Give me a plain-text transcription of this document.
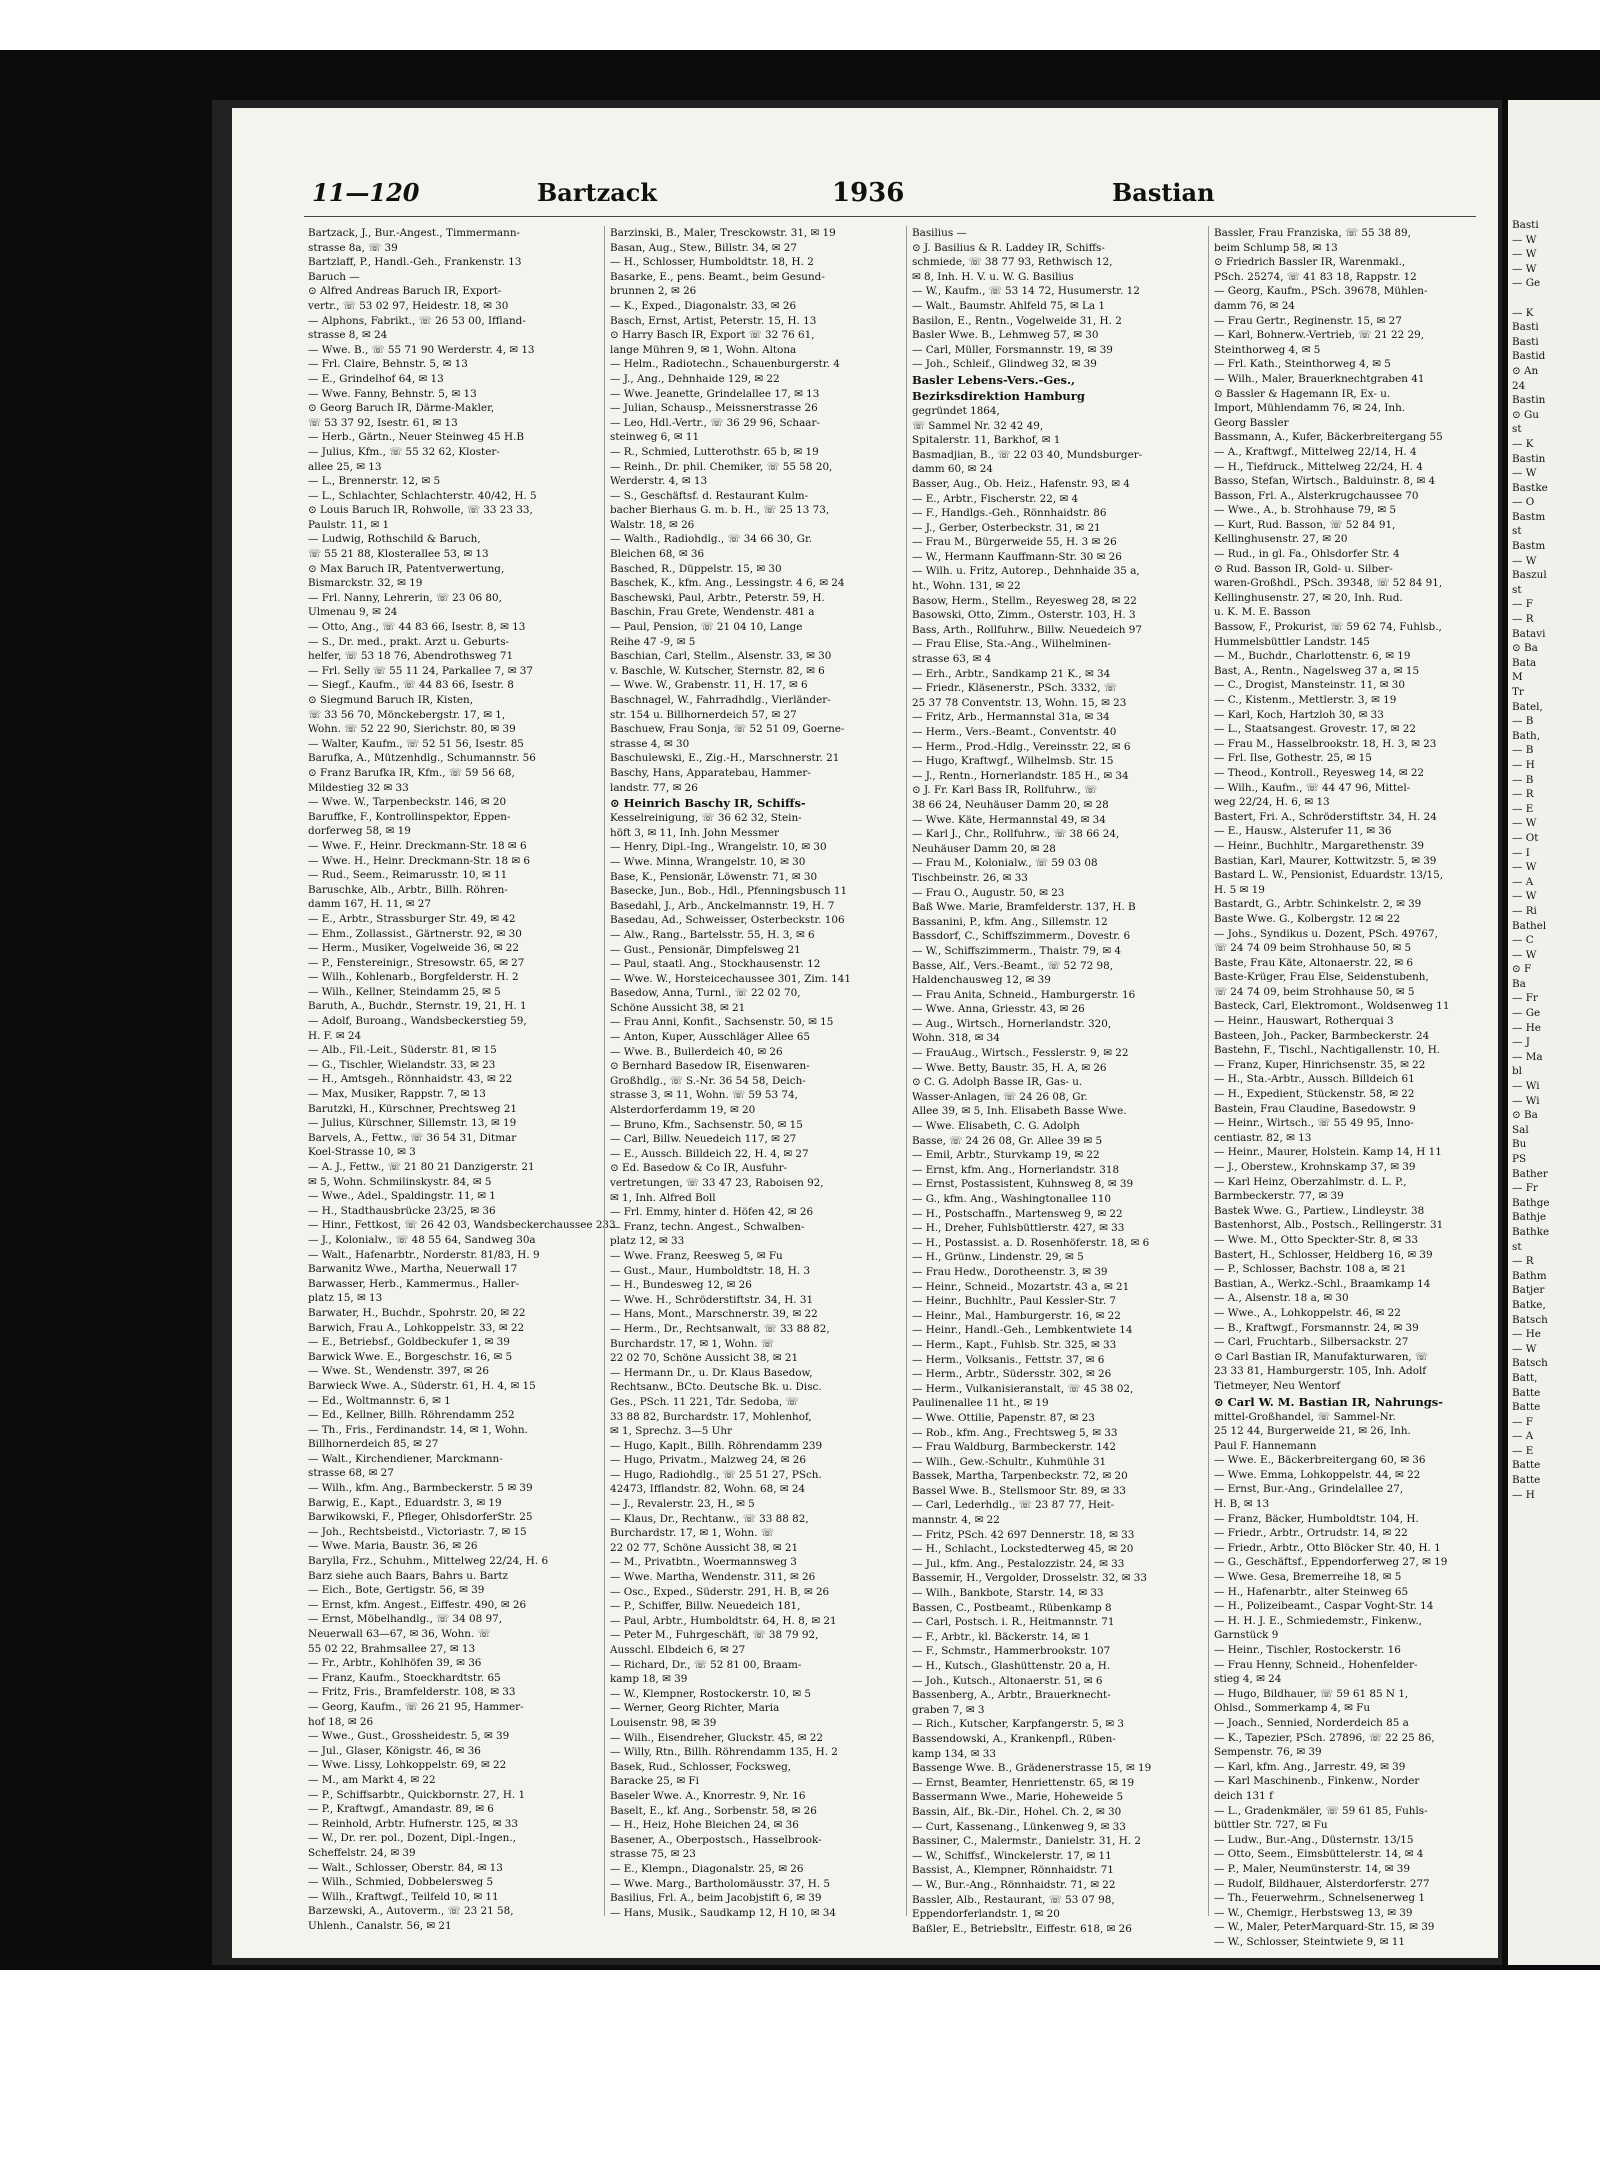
11—120	Bartzack	1936	Bastian
Bartzack, J., Bur.-Angest., Timmermann-
strasse 8a, ☏ 39
Bartzlaff, P., Handl.-Geh., Frankenstr. 13
Baruch —
⊙ Alfred Andreas Baruch IR, Export-
vertr., ☏ 53 02 97, Heidestr. 18, ✉ 30
— Alphons, Fabrikt., ☏ 26 53 00, Iffland-
strasse 8, ✉ 24
— Wwe. B., ☏ 55 71 90 Werderstr. 4, ✉ 13
— Frl. Claire, Behnstr. 5, ✉ 13
— E., Grindelhof 64, ✉ 13
— Wwe. Fanny, Behnstr. 5, ✉ 13
⊙ Georg Baruch IR, Därme-Makler,
☏ 53 37 92, Isestr. 61, ✉ 13
— Herb., Gärtn., Neuer Steinweg 45 H.B
— Julius, Kfm., ☏ 55 32 62, Kloster-
allee 25, ✉ 13
— L., Brennerstr. 12, ✉ 5
— L., Schlachter, Schlachterstr. 40/42, H. 5
⊙ Louis Baruch IR, Rohwolle, ☏ 33 23 33,
Paulstr. 11, ✉ 1
— Ludwig, Rothschild & Baruch,
☏ 55 21 88, Klosterallee 53, ✉ 13
⊙ Max Baruch IR, Patentverwertung,
Bismarckstr. 32, ✉ 19
— Frl. Nanny, Lehrerin, ☏ 23 06 80,
Ulmenau 9, ✉ 24
— Otto, Ang., ☏ 44 83 66, Isestr. 8, ✉ 13
— S., Dr. med., prakt. Arzt u. Geburts-
helfer, ☏ 53 18 76, Abendrothsweg 71
— Frl. Selly ☏ 55 11 24, Parkallee 7, ✉ 37
— Siegf., Kaufm., ☏ 44 83 66, Isestr. 8
⊙ Siegmund Baruch IR, Kisten,
☏ 33 56 70, Mönckebergstr. 17, ✉ 1,
Wohn. ☏ 52 22 90, Sierichstr. 80, ✉ 39
— Walter, Kaufm., ☏ 52 51 56, Isestr. 85
Barufka, A., Mützenhdlg., Schumannstr. 56
⊙ Franz Barufka IR, Kfm., ☏ 59 56 68,
Mildestieg 32 ✉ 33
— Wwe. W., Tarpenbeckstr. 146, ✉ 20
Baruffke, F., Kontrollinspektor, Eppen-
dorferweg 58, ✉ 19
— Wwe. F., Heinr. Dreckmann-Str. 18 ✉ 6
— Wwe. H., Heinr. Dreckmann-Str. 18 ✉ 6
— Rud., Seem., Reimarusstr. 10, ✉ 11
Baruschke, Alb., Arbtr., Billh. Röhren-
damm 167, H. 11, ✉ 27
— E., Arbtr., Strassburger Str. 49, ✉ 42
— Ehm., Zollassist., Gärtnerstr. 92, ✉ 30
— Herm., Musiker, Vogelweide 36, ✉ 22
— P., Fenstereinigr., Stresowstr. 65, ✉ 27
— Wilh., Kohlenarb., Borgfelderstr. H. 2
— Wilh., Kellner, Steindamm 25, ✉ 5
Baruth, A., Buchdr., Sternstr. 19, 21, H. 1
— Adolf, Buroang., Wandsbeckerstieg 59,
H. F. ✉ 24
— Alb., Fil.-Leit., Süderstr. 81, ✉ 15
— G., Tischler, Wielandstr. 33, ✉ 23
— H., Amtsgeh., Rönnhaidstr. 43, ✉ 22
— Max, Musiker, Rappstr. 7, ✉ 13
Barutzki, H., Kürschner, Prechtsweg 21
— Julius, Kürschner, Sillemstr. 13, ✉ 19
Barvels, A., Fettw., ☏ 36 54 31, Ditmar
Koel-Strasse 10, ✉ 3
— A. J., Fettw., ☏ 21 80 21 Danzigerstr. 21
✉ 5, Wohn. Schmilinskystr. 84, ✉ 5
— Wwe., Adel., Spaldingstr. 11, ✉ 1
— H., Stadthausbrücke 23/25, ✉ 36
— Hinr., Fettkost, ☏ 26 42 03, Wandsbeckerchaussee 233
— J., Kolonialw., ☏ 48 55 64, Sandweg 30a
— Walt., Hafenarbtr., Norderstr. 81/83, H. 9
Barwanitz Wwe., Martha, Neuerwall 17
Barwasser, Herb., Kammermus., Haller-
platz 15, ✉ 13
Barwater, H., Buchdr., Spohrstr. 20, ✉ 22
Barwich, Frau A., Lohkoppelstr. 33, ✉ 22
— E., Betriebsf., Goldbeckufer 1, ✉ 39
Barwick Wwe. E., Borgeschstr. 16, ✉ 5
— Wwe. St., Wendenstr. 397, ✉ 26
Barwieck Wwe. A., Süderstr. 61, H. 4, ✉ 15
— Ed., Woltmannstr. 6, ✉ 1
— Ed., Kellner, Billh. Röhrendamm 252
— Th., Fris., Ferdinandstr. 14, ✉ 1, Wohn.
Billhornerdeich 85, ✉ 27
— Walt., Kirchendiener, Marckmann-
strasse 68, ✉ 27
— Wilh., kfm. Ang., Barmbeckerstr. 5 ✉ 39
Barwig, E., Kapt., Eduardstr. 3, ✉ 19
Barwikowski, F., Pfleger, OhlsdorferStr. 25
— Joh., Rechtsbeistd., Victoriastr. 7, ✉ 15
— Wwe. Maria, Baustr. 36, ✉ 26
Barylla, Frz., Schuhm., Mittelweg 22/24, H. 6
Barz siehe auch Baars, Bahrs u. Bartz
— Eich., Bote, Gertigstr. 56, ✉ 39
— Ernst, kfm. Angest., Eiffestr. 490, ✉ 26
— Ernst, Möbelhandlg., ☏ 34 08 97,
Neuerwall 63—67, ✉ 36, Wohn. ☏
55 02 22, Brahmsallee 27, ✉ 13
— Fr., Arbtr., Kohlhöfen 39, ✉ 36
— Franz, Kaufm., Stoeckhardtstr. 65
— Fritz, Fris., Bramfelderstr. 108, ✉ 33
— Georg, Kaufm., ☏ 26 21 95, Hammer-
hof 18, ✉ 26
— Wwe., Gust., Grossheidestr. 5, ✉ 39
— Jul., Glaser, Königstr. 46, ✉ 36
— Wwe. Lissy, Lohkoppelstr. 69, ✉ 22
— M., am Markt 4, ✉ 22
— P., Schiffsarbtr., Quickbornstr. 27, H. 1
— P., Kraftwgf., Amandastr. 89, ✉ 6
— Reinhold, Arbtr. Hufnerstr. 125, ✉ 33
— W., Dr. rer. pol., Dozent, Dipl.-Ingen.,
Scheffelstr. 24, ✉ 39
— Walt., Schlosser, Oberstr. 84, ✉ 13
— Wilh., Schmied, Dobbelersweg 5
— Wilh., Kraftwgf., Teilfeld 10, ✉ 11
Barzewski, A., Autoverm., ☏ 23 21 58,
Uhlenh., Canalstr. 56, ✉ 21
Barzinski, B., Maler, Tresckowstr. 31, ✉ 19
Basan, Aug., Stew., Billstr. 34, ✉ 27
— H., Schlosser, Humboldtstr. 18, H. 2
Basarke, E., pens. Beamt., beim Gesund-
brunnen 2, ✉ 26
— K., Exped., Diagonalstr. 33, ✉ 26
Basch, Ernst, Artist, Peterstr. 15, H. 13
⊙ Harry Basch IR, Export ☏ 32 76 61,
lange Mühren 9, ✉ 1, Wohn. Altona
— Helm., Radiotechn., Schauenburgerstr. 4
— J., Ang., Dehnhaide 129, ✉ 22
— Wwe. Jeanette, Grindelallee 17, ✉ 13
— Julian, Schausp., Meissnerstrasse 26
— Leo, Hdl.-Vertr., ☏ 36 29 96, Schaar-
steinweg 6, ✉ 11
— R., Schmied, Lutterothstr. 65 b, ✉ 19
— Reinh., Dr. phil. Chemiker, ☏ 55 58 20,
Werderstr. 4, ✉ 13
— S., Geschäftsf. d. Restaurant Kulm-
bacher Bierhaus G. m. b. H., ☏ 25 13 73,
Walstr. 18, ✉ 26
— Walth., Radiohdlg., ☏ 34 66 30, Gr.
Bleichen 68, ✉ 36
Basched, R., Düppelstr. 15, ✉ 30
Baschek, K., kfm. Ang., Lessingstr. 4 6, ✉ 24
Baschewski, Paul, Arbtr., Peterstr. 59, H.
Baschin, Frau Grete, Wendenstr. 481 a
— Paul, Pension, ☏ 21 04 10, Lange
Reihe 47 -9, ✉ 5
Baschian, Carl, Stellm., Alsenstr. 33, ✉ 30
v. Baschle, W. Kutscher, Sternstr. 82, ✉ 6
— Wwe. W., Grabenstr. 11, H. 17, ✉ 6
Baschnagel, W., Fahrradhdlg., Vierländer-
str. 154 u. Billhornerdeich 57, ✉ 27
Baschuew, Frau Sonja, ☏ 52 51 09, Goerne-
strasse 4, ✉ 30
Baschulewski, E., Zig.-H., Marschnerstr. 21
Baschy, Hans, Apparatebau, Hammer-
landstr. 77, ✉ 26
⊙ Heinrich Baschy IR, Schiffs-
Kesselreinigung, ☏ 36 62 32, Stein-
höft 3, ✉ 11, Inh. John Messmer
— Henry, Dipl.-Ing., Wrangelstr. 10, ✉ 30
— Wwe. Minna, Wrangelstr. 10, ✉ 30
Base, K., Pensionär, Löwenstr. 71, ✉ 30
Basecke, Jun., Bob., Hdl., Pfenningsbusch 11
Basedahl, J., Arb., Anckelmannstr. 19, H. 7
Basedau, Ad., Schweisser, Osterbeckstr. 106
— Alw., Rang., Bartelsstr. 55, H. 3, ✉ 6
— Gust., Pensionär, Dimpfelsweg 21
— Paul, staatl. Ang., Stockhausenstr. 12
— Wwe. W., Horsteicechaussee 301, Zim. 141
Basedow, Anna, Turnl., ☏ 22 02 70,
Schöne Aussicht 38, ✉ 21
— Frau Anni, Konfit., Sachsenstr. 50, ✉ 15
— Anton, Kuper, Ausschläger Allee 65
— Wwe. B., Bullerdeich 40, ✉ 26
⊙ Bernhard Basedow IR, Eisenwaren-
Großhdlg., ☏ S.-Nr. 36 54 58, Deich-
strasse 3, ✉ 11, Wohn. ☏ 59 53 74,
Alsterdorferdamm 19, ✉ 20
— Bruno, Kfm., Sachsenstr. 50, ✉ 15
— Carl, Billw. Neuedeich 117, ✉ 27
— E., Aussch. Billdeich 22, H. 4, ✉ 27
⊙ Ed. Basedow & Co IR, Ausfuhr-
vertretungen, ☏ 33 47 23, Raboisen 92,
✉ 1, Inh. Alfred Boll
— Frl. Emmy, hinter d. Höfen 42, ✉ 26
— Franz, techn. Angest., Schwalben-
platz 12, ✉ 33
— Wwe. Franz, Reesweg 5, ✉ Fu
— Gust., Maur., Humboldtstr. 18, H. 3
— H., Bundesweg 12, ✉ 26
— Wwe. H., Schröderstiftstr. 34, H. 31
— Hans, Mont., Marschnerstr. 39, ✉ 22
— Herm., Dr., Rechtsanwalt, ☏ 33 88 82,
Burchardstr. 17, ✉ 1, Wohn. ☏
22 02 70, Schöne Aussicht 38, ✉ 21
— Hermann Dr., u. Dr. Klaus Basedow,
Rechtsanw., BCto. Deutsche Bk. u. Disc.
Ges., PSch. 11 221, Tdr. Sedoba, ☏
33 88 82, Burchardstr. 17, Mohlenhof,
✉ 1, Sprechz. 3—5 Uhr
— Hugo, Kaplt., Billh. Röhrendamm 239
— Hugo, Privatm., Malzweg 24, ✉ 26
— Hugo, Radiohdlg., ☏ 25 51 27, PSch.
42473, Ifflandstr. 82, Wohn. 68, ✉ 24
— J., Revalerstr. 23, H., ✉ 5
— Klaus, Dr., Rechtanw., ☏ 33 88 82,
Burchardstr. 17, ✉ 1, Wohn. ☏
22 02 77, Schöne Aussicht 38, ✉ 21
— M., Privatbtn., Woermannsweg 3
— Wwe. Martha, Wendenstr. 311, ✉ 26
— Osc., Exped., Süderstr. 291, H. B, ✉ 26
— P., Schiffer, Billw. Neuedeich 181,
— Paul, Arbtr., Humboldtstr. 64, H. 8, ✉ 21
— Peter M., Fuhrgeschäft, ☏ 38 79 92,
Ausschl. Elbdeich 6, ✉ 27
— Richard, Dr., ☏ 52 81 00, Braam-
kamp 18, ✉ 39
— W., Klempner, Rostockerstr. 10, ✉ 5
— Werner, Georg Richter, Maria
Louisenstr. 98, ✉ 39
— Wilh., Eisendreher, Gluckstr. 45, ✉ 22
— Willy, Rtn., Billh. Röhrendamm 135, H. 2
Basek, Rud., Schlosser, Focksweg,
Baracke 25, ✉ Fi
Baseler Wwe. A., Knorrestr. 9, Nr. 16
Baselt, E., kf. Ang., Sorbenstr. 58, ✉ 26
— H., Heiz, Hohe Bleichen 24, ✉ 36
Basener, A., Oberpostsch., Hasselbrook-
strasse 75, ✉ 23
— E., Klempn., Diagonalstr. 25, ✉ 26
— Wwe. Marg., Bartholomäusstr. 37, H. 5
Basilius, Frl. A., beim Jacobjstift 6, ✉ 39
— Hans, Musik., Saudkamp 12, H 10, ✉ 34
Basilius —
⊙ J. Basilius & R. Laddey IR, Schiffs-
schmiede, ☏ 38 77 93, Rethwisch 12,
✉ 8, Inh. H. V. u. W. G. Basilius
— W., Kaufm., ☏ 53 14 72, Husumerstr. 12
— Walt., Baumstr. Ahlfeld 75, ✉ La 1
Basilon, E., Rentn., Vogelweide 31, H. 2
Basler Wwe. B., Lehmweg 57, ✉ 30
— Carl, Müller, Forsmannstr. 19, ✉ 39
— Joh., Schleif., Glindweg 32, ✉ 39
Basler Lebens-Vers.-Ges.,
Bezirksdirektion Hamburg
gegründet 1864,
☏ Sammel Nr. 32 42 49,
Spitalerstr. 11, Barkhof, ✉ 1
Basmadjian, B., ☏ 22 03 40, Mundsburger-
damm 60, ✉ 24
Basser, Aug., Ob. Heiz., Hafenstr. 93, ✉ 4
— E., Arbtr., Fischerstr. 22, ✉ 4
— F., Handlgs.-Geh., Rönnhaidstr. 86
— J., Gerber, Osterbeckstr. 31, ✉ 21
— Frau M., Bürgerweide 55, H. 3 ✉ 26
— W., Hermann Kauffmann-Str. 30 ✉ 26
— Wilh. u. Fritz, Autorep., Dehnhaide 35 a,
ht., Wohn. 131, ✉ 22
Basow, Herm., Stellm., Reyesweg 28, ✉ 22
Basowski, Otto, Zimm., Osterstr. 103, H. 3
Bass, Arth., Rollfuhrw., Billw. Neuedeich 97
— Frau Elise, Sta.-Ang., Wilhelminen-
strasse 63, ✉ 4
— Erh., Arbtr., Sandkamp 21 K., ✉ 34
— Friedr., Kläsenerstr., PSch. 3332, ☏
25 37 78 Conventstr. 13, Wohn. 15, ✉ 23
— Fritz, Arb., Hermannstal 31a, ✉ 34
— Herm., Vers.-Beamt., Conventstr. 40
— Herm., Prod.-Hdlg., Vereinsstr. 22, ✉ 6
— Hugo, Kraftwgf., Wilhelmsb. Str. 15
— J., Rentn., Hornerlandstr. 185 H., ✉ 34
⊙ J. Fr. Karl Bass IR, Rollfuhrw., ☏
38 66 24, Neuhäuser Damm 20, ✉ 28
— Wwe. Käte, Hermannstal 49, ✉ 34
— Karl J., Chr., Rollfuhrw., ☏ 38 66 24,
Neuhäuser Damm 20, ✉ 28
— Frau M., Kolonialw., ☏ 59 03 08
Tischbeinstr. 26, ✉ 33
— Frau O., Augustr. 50, ✉ 23
Baß Wwe. Marie, Bramfelderstr. 137, H. B
Bassanini, P., kfm. Ang., Sillemstr. 12
Bassdorf, C., Schiffszimmerm., Dovestr. 6
— W., Schiffszimmerm., Thaistr. 79, ✉ 4
Basse, Alf., Vers.-Beamt., ☏ 52 72 98,
Haldenchausweg 12, ✉ 39
— Frau Anita, Schneid., Hamburgerstr. 16
— Wwe. Anna, Griesstr. 43, ✉ 26
— Aug., Wirtsch., Hornerlandstr. 320,
Wohn. 318, ✉ 34
— FrauAug., Wirtsch., Fesslerstr. 9, ✉ 22
— Wwe. Betty, Baustr. 35, H. A, ✉ 26
⊙ C. G. Adolph Basse IR, Gas- u.
Wasser-Anlagen, ☏ 24 26 08, Gr.
Allee 39, ✉ 5, Inh. Elisabeth Basse Wwe.
— Wwe. Elisabeth, C. G. Adolph
Basse, ☏ 24 26 08, Gr. Allee 39 ✉ 5
— Emil, Arbtr., Sturvkamp 19, ✉ 22
— Ernst, kfm. Ang., Hornerlandstr. 318
— Ernst, Postassistent, Kuhnsweg 8, ✉ 39
— G., kfm. Ang., Washingtonallee 110
— H., Postschaffn., Martensweg 9, ✉ 22
— H., Dreher, Fuhlsbüttlerstr. 427, ✉ 33
— H., Postassist. a. D. Rosenhöferstr. 18, ✉ 6
— H., Grünw., Lindenstr. 29, ✉ 5
— Frau Hedw., Dorotheenstr. 3, ✉ 39
— Heinr., Schneid., Mozartstr. 43 a, ✉ 21
— Heinr., Buchhltr., Paul Kessler-Str. 7
— Heinr., Mal., Hamburgerstr. 16, ✉ 22
— Heinr., Handl.-Geh., Lembkentwiete 14
— Herm., Kapt., Fuhlsb. Str. 325, ✉ 33
— Herm., Volksanis., Fettstr. 37, ✉ 6
— Herm., Arbtr., Südersstr. 302, ✉ 26
— Herm., Vulkanisieranstalt, ☏ 45 38 02,
Paulinenallee 11 ht., ✉ 19
— Wwe. Ottilie, Papenstr. 87, ✉ 23
— Rob., kfm. Ang., Frechtsweg 5, ✉ 33
— Frau Waldburg, Barmbeckerstr. 142
— Wilh., Gew.-Schultr., Kuhmühle 31
Bassek, Martha, Tarpenbeckstr. 72, ✉ 20
Bassel Wwe. B., Stellsmoor Str. 89, ✉ 33
— Carl, Lederhdlg., ☏ 23 87 77, Heit-
mannstr. 4, ✉ 22
— Fritz, PSch. 42 697 Dennerstr. 18, ✉ 33
— H., Schlacht., Lockstedterweg 45, ✉ 20
— Jul., kfm. Ang., Pestalozzistr. 24, ✉ 33
Bassemir, H., Vergolder, Drosselstr. 32, ✉ 33
— Wilh., Bankbote, Starstr. 14, ✉ 33
Bassen, C., Postbeamt., Rübenkamp 8
— Carl, Postsch. i. R., Heitmannstr. 71
— F., Arbtr., kl. Bäckerstr. 14, ✉ 1
— F., Schmstr., Hammerbrookstr. 107
— H., Kutsch., Glashüttenstr. 20 a, H.
— Joh., Kutsch., Altonaerstr. 51, ✉ 6
Bassenberg, A., Arbtr., Brauerknecht-
graben 7, ✉ 3
— Rich., Kutscher, Karpfangerstr. 5, ✉ 3
Bassendowski, A., Krankenpfl., Rüben-
kamp 134, ✉ 33
Bassenge Wwe. B., Grädenerstrasse 15, ✉ 19
— Ernst, Beamter, Henriettenstr. 65, ✉ 19
Bassermann Wwe., Marie, Hoheweide 5
Bassin, Alf., Bk.-Dir., Hohel. Ch. 2, ✉ 30
— Curt, Kassenang., Lünkenweg 9, ✉ 33
Bassiner, C., Malermstr., Danielstr. 31, H. 2
— W., Schiffsf., Winckelerstr. 17, ✉ 11
Bassist, A., Klempner, Rönnhaidstr. 71
— W., Bur.-Ang., Rönnhaidstr. 71, ✉ 22
Bassler, Alb., Restaurant, ☏ 53 07 98,
Eppendorferlandstr. 1, ✉ 20
Baßler, E., Betriebsltr., Eiffestr. 618, ✉ 26
Bassler, Frau Franziska, ☏ 55 38 89,
beim Schlump 58, ✉ 13
⊙ Friedrich Bassler IR, Warenmakl.,
PSch. 25274, ☏ 41 83 18, Rappstr. 12
— Georg, Kaufm., PSch. 39678, Mühlen-
damm 76, ✉ 24
— Frau Gertr., Reginenstr. 15, ✉ 27
— Karl, Bohnerw.-Vertrieb, ☏ 21 22 29,
Steinthorweg 4, ✉ 5
— Frl. Kath., Steinthorweg 4, ✉ 5
— Wilh., Maler, Brauerknechtgraben 41
⊙ Bassler & Hagemann IR, Ex- u.
Import, Mühlendamm 76, ✉ 24, Inh.
Georg Bassler
Bassmann, A., Kufer, Bäckerbreitergang 55
— A., Kraftwgf., Mittelweg 22/14, H. 4
— H., Tiefdruck., Mittelweg 22/24, H. 4
Basso, Stefan, Wirtsch., Balduinstr. 8, ✉ 4
Basson, Frl. A., Alsterkrugchaussee 70
— Wwe., A., b. Strohhause 79, ✉ 5
— Kurt, Rud. Basson, ☏ 52 84 91,
Kellinghusenstr. 27, ✉ 20
— Rud., in gl. Fa., Ohlsdorfer Str. 4
⊙ Rud. Basson IR, Gold- u. Silber-
waren-Großhdl., PSch. 39348, ☏ 52 84 91,
Kellinghusenstr. 27, ✉ 20, Inh. Rud.
u. K. M. E. Basson
Bassow, F., Prokurist, ☏ 59 62 74, Fuhlsb.,
Hummelsbüttler Landstr. 145
— M., Buchdr., Charlottenstr. 6, ✉ 19
Bast, A., Rentn., Nagelsweg 37 a, ✉ 15
— C., Drogist, Mansteinstr. 11, ✉ 30
— C., Kistenm., Mettlerstr. 3, ✉ 19
— Karl, Koch, Hartzloh 30, ✉ 33
— L., Staatsangest. Grovestr. 17, ✉ 22
— Frau M., Hasselbrookstr. 18, H. 3, ✉ 23
— Frl. Ilse, Gothestr. 25, ✉ 15
— Theod., Kontroll., Reyesweg 14, ✉ 22
— Wilh., Kaufm., ☏ 44 47 96, Mittel-
weg 22/24, H. 6, ✉ 13
Bastert, Fri. A., Schröderstiftstr. 34, H. 24
— E., Hausw., Alsterufer 11, ✉ 36
— Heinr., Buchhltr., Margarethenstr. 39
Bastian, Karl, Maurer, Kottwitzstr. 5, ✉ 39
Bastard L. W., Pensionist, Eduardstr. 13/15,
H. 5 ✉ 19
Bastardt, G., Arbtr. Schinkelstr. 2, ✉ 39
Baste Wwe. G., Kolbergstr. 12 ✉ 22
— Johs., Syndikus u. Dozent, PSch. 49767,
☏ 24 74 09 beim Strohhause 50, ✉ 5
Baste, Frau Käte, Altonaerstr. 22, ✉ 6
Baste-Krüger, Frau Else, Seidenstubenh,
☏ 24 74 09, beim Strohhause 50, ✉ 5
Basteck, Carl, Elektromont., Woldsenweg 11
— Heinr., Hauswart, Rotherquai 3
Basteen, Joh., Packer, Barmbeckerstr. 24
Bastehn, F., Tischl., Nachtigallenstr. 10, H.
— Franz, Kuper, Hinrichsenstr. 35, ✉ 22
— H., Sta.-Arbtr., Aussch. Billdeich 61
— H., Expedient, Stückenstr. 58, ✉ 22
Bastein, Frau Claudine, Basedowstr. 9
— Heinr., Wirtsch., ☏ 55 49 95, Inno-
centiastr. 82, ✉ 13
— Heinr., Maurer, Holstein. Kamp 14, H 11
— J., Oberstew., Krohnskamp 37, ✉ 39
— Karl Heinz, Oberzahlmstr. d. L. P.,
Barmbeckerstr. 77, ✉ 39
Bastek Wwe. G., Partiew., Lindleystr. 38
Bastenhorst, Alb., Postsch., Rellingerstr. 31
— Wwe. M., Otto Speckter-Str. 8, ✉ 33
Bastert, H., Schlosser, Heldberg 16, ✉ 39
— P., Schlosser, Bachstr. 108 a, ✉ 21
Bastian, A., Werkz.-Schl., Braamkamp 14
— A., Alsenstr. 18 a, ✉ 30
— Wwe., A., Lohkoppelstr. 46, ✉ 22
— B., Kraftwgf., Forsmannstr. 24, ✉ 39
— Carl, Fruchtarb., Silbersackstr. 27
⊙ Carl Bastian IR, Manufakturwaren, ☏
23 33 81, Hamburgerstr. 105, Inh. Adolf
Tietmeyer, Neu Wentorf
⊙ Carl W. M. Bastian IR, Nahrungs-
mittel-Großhandel, ☏ Sammel-Nr.
25 12 44, Burgerweide 21, ✉ 26, Inh.
Paul F. Hannemann
— Wwe. E., Bäckerbreitergang 60, ✉ 36
— Wwe. Emma, Lohkoppelstr. 44, ✉ 22
— Ernst, Bur.-Ang., Grindelallee 27,
H. B, ✉ 13
— Franz, Bäcker, Humboldtstr. 104, H.
— Friedr., Arbtr., Ortrudstr. 14, ✉ 22
— Friedr., Arbtr., Otto Blöcker Str. 40, H. 1
— G., Geschäftsf., Eppendorferweg 27, ✉ 19
— Wwe. Gesa, Bremerreihe 18, ✉ 5
— H., Hafenarbtr., alter Steinweg 65
— H., Polizeibeamt., Caspar Voght-Str. 14
— H. H. J. E., Schmiedemstr., Finkenw.,
Garnstück 9
— Heinr., Tischler, Rostockerstr. 16
— Frau Henny, Schneid., Hohenfelder-
stieg 4, ✉ 24
— Hugo, Bildhauer, ☏ 59 61 85 N 1,
Ohlsd., Sommerkamp 4, ✉ Fu
— Joach., Sennied, Norderdeich 85 a
— K., Tapezier, PSch. 27896, ☏ 22 25 86,
Sempenstr. 76, ✉ 39
— Karl, kfm. Ang., Jarrestr. 49, ✉ 39
— Karl Maschinenb., Finkenw., Norder
deich 131 f
— L., Gradenkmäler, ☏ 59 61 85, Fuhls-
büttler Str. 727, ✉ Fu
— Ludw., Bur.-Ang., Düsternstr. 13/15
— Otto, Seem., Eimsbüttelerstr. 14, ✉ 4
— P., Maler, Neumünsterstr. 14, ✉ 39
— Rudolf, Bildhauer, Alsterdorferstr. 277
— Th., Feuerwehrm., Schnelsenerweg 1
— W., Chemigr., Herbstsweg 13, ✉ 39
— W., Maler, PeterMarquard-Str. 15, ✉ 39
— W., Schlosser, Steintwiete 9, ✉ 11
Basti
— W
— W
— W
— Ge

— K
Basti
Basti
Bastid
⊙ An
24
Bastin
⊙ Gu
st
— K
Bastin
— W
Bastke
— O
Bastm
st
Bastm
— W
Baszul
st
— F
— R
Batavi
⊙ Ba
Bata
M
Tr
Batel,
— B
Bath,
— B
— H
— B
— R
— E
— W
— Ot
— I
— W
— A
— W
— Ri
Bathel
— C
— W
⊙ F
Ba
— Fr
— Ge
— He
— J
— Ma
bl
— Wi
— Wi
⊙ Ba
Sal
Bu
PS
Bather
— Fr
Bathge
Bathje
Bathke
st
— R
Bathm
Batjer
Batke,
Batsch
— He
— W
Batsch
Batt,
Batte
Batte
— F
— A
— E
Batte
Batte
— H
